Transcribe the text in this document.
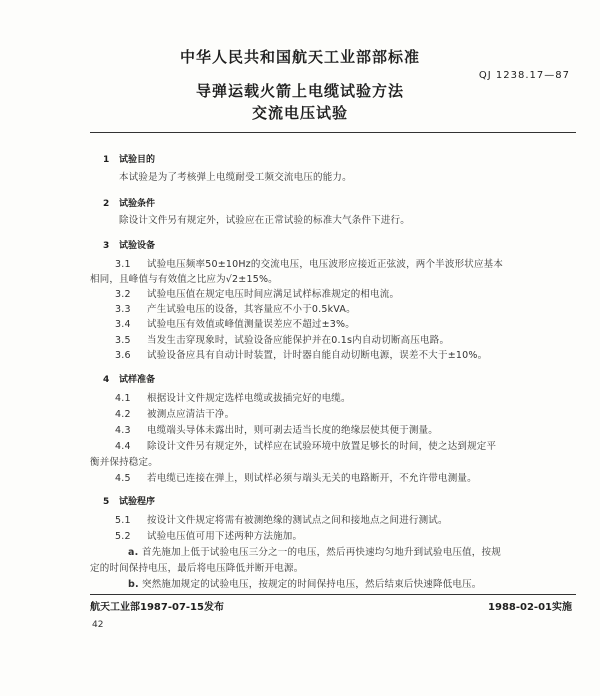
中华人民共和国航天工业部部标准
QJ 1238.17—87
导弹运载火箭上电缆试验方法
交流电压试验
1 试验目的
本试验是为了考核弹上电缆耐受工频交流电压的能力。
2 试验条件
除设计文件另有规定外，试验应在正常试验的标准大气条件下进行。
3 试验设备
3.1 试验电压频率50±10Hz的交流电压，电压波形应接近正弦波，两个半波形状应基本
相同，且峰值与有效值之比应为√2±15%。
3.2 试验电压值在规定电压时间应满足试样标准规定的相电流。
3.3 产生试验电压的设备，其容量应不小于0.5kVA。
3.4 试验电压有效值或峰值测量误差应不超过±3%。
3.5 当发生击穿现象时，试验设备应能保护并在0.1s内自动切断高压电路。
3.6 试验设备应具有自动计时装置，计时器自能自动切断电源，误差不大于±10%。
4 试样准备
4.1 根据设计文件规定选样电缆或拔插完好的电缆。
4.2 被测点应清洁干净。
4.3 电缆端头导体未露出时，则可剥去适当长度的绝缘层使其便于测量。
4.4 除设计文件另有规定外，试样应在试验环境中放置足够长的时间，使之达到规定平
衡并保持稳定。
4.5 若电缆已连接在弹上，则试样必须与端头无关的电路断开，不允许带电测量。
5 试验程序
5.1 按设计文件规定将需有被测绝缘的测试点之间和接地点之间进行测试。
5.2 试验电压值可用下述两种方法施加。
a. 首先施加上低于试验电压三分之一的电压，然后再快速均匀地升到试验电压值，按规
定的时间保持电压，最后将电压降低并断开电源。
b. 突然施加规定的试验电压，按规定的时间保持电压，然后结束后快速降低电压。
航天工业部1987-07-15发布	1988-02-01实施
42
